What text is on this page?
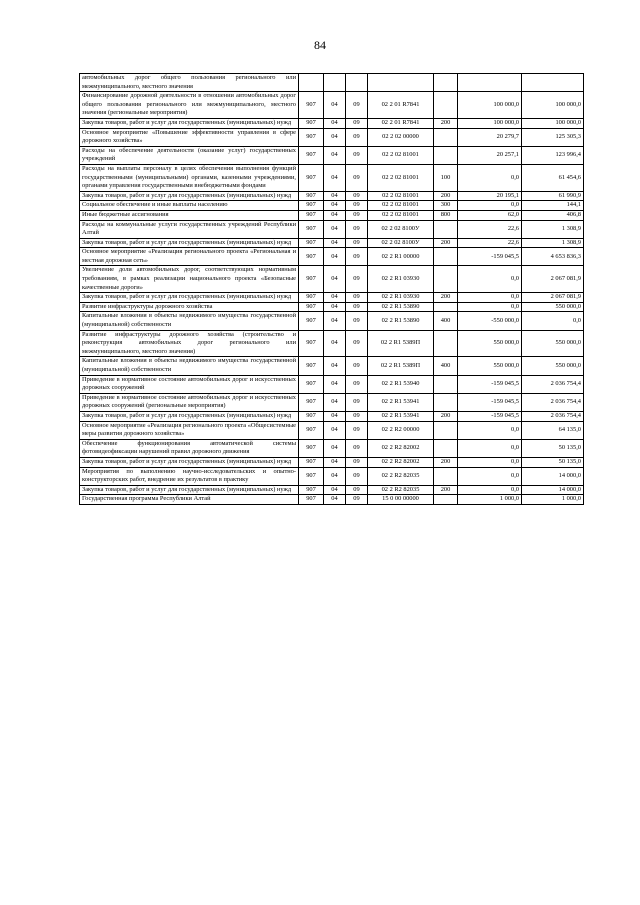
84
автомобильных дорог общего пользования регионального или межмуниципального, местного значения							
Финансирование дорожной деятельности в отношении автомобильных дорог общего пользования регионального или межмуниципального, местного значения (региональные мероприятия)	907	04	09	02 2 01 R7841		100 000,0	100 000,0
Закупка товаров, работ и услуг для государственных (муниципальных) нужд	907	04	09	02 2 01 R7841	200	100 000,0	100 000,0
Основное мероприятие «Повышение эффективности управления в сфере дорожного хозяйства»	907	04	09	02 2 02 00000		20 279,7	125 305,3
Расходы на обеспечение деятельности (оказание услуг) государственных учреждений	907	04	09	02 2 02 81001		20 257,1	123 996,4
Расходы на выплаты персоналу в целях обеспечения выполнения функций государственными (муниципальными) органами, казенными учреждениями, органами управления государственными внебюджетными фондами	907	04	09	02 2 02 81001	100	0,0	61 454,6
Закупка товаров, работ и услуг для государственных (муниципальных) нужд	907	04	09	02 2 02 81001	200	20 195,1	61 990,9
Социальное обеспечение и иные выплаты населению	907	04	09	02 2 02 81001	300	0,0	144,1
Иные бюджетные ассигнования	907	04	09	02 2 02 81001	800	62,0	406,8
Расходы на коммунальные услуги государственных учреждений Республики Алтай	907	04	09	02 2 02 8100У		22,6	1 308,9
Закупка товаров, работ и услуг для государственных (муниципальных) нужд	907	04	09	02 2 02 8100У	200	22,6	1 308,9
Основное мероприятие «Реализация регионального проекта «Региональная и местная дорожная сеть»	907	04	09	02 2 R1 00000		-159 045,5	4 653 836,3
Увеличение доли автомобильных дорог, соответствующих нормативным требованиям, в рамках реализации национального проекта «Безопасные качественные дороги»	907	04	09	02 2 R1 03930		0,0	2 067 081,9
Закупка товаров, работ и услуг для государственных (муниципальных) нужд	907	04	09	02 2 R1 03930	200	0,0	2 067 081,9
Развитие инфраструктуры дорожного хозяйства	907	04	09	02 2 R1 53890		0,0	550 000,0
Капитальные вложения в объекты недвижимого имущества государственной (муниципальной) собственности	907	04	09	02 2 R1 53890	400	-550 000,0	0,0
Развитие инфраструктуры дорожного хозяйства (строительство и реконструкция автомобильных дорог регионального или межмуниципального, местного значения)	907	04	09	02 2 R1 5389П		550 000,0	550 000,0
Капитальные вложения в объекты недвижимого имущества государственной (муниципальной) собственности	907	04	09	02 2 R1 5389П	400	550 000,0	550 000,0
Приведение в нормативное состояние автомобильных дорог и искусственных дорожных сооружений	907	04	09	02 2 R1 53940		-159 045,5	2 036 754,4
Приведение в нормативное состояние автомобильных дорог и искусственных дорожных сооружений (региональные мероприятия)	907	04	09	02 2 R1 53941		-159 045,5	2 036 754,4
Закупка товаров, работ и услуг для государственных (муниципальных) нужд	907	04	09	02 2 R1 53941	200	-159 045,5	2 036 754,4
Основное мероприятие «Реализация регионального проекта «Общесистемные меры развития дорожного хозяйства»	907	04	09	02 2 R2 00000		0,0	64 135,0
Обеспечение функционирования автоматической системы фотовидеофиксации нарушений правил дорожного движения	907	04	09	02 2 R2 82002		0,0	50 135,0
Закупка товаров, работ и услуг для государственных (муниципальных) нужд	907	04	09	02 2 R2 82002	200	0,0	50 135,0
Мероприятия по выполнению научно-исследовательских и опытно-конструкторских работ, внедрение их результатов в практику	907	04	09	02 2 R2 82035		0,0	14 000,0
Закупка товаров, работ и услуг для государственных (муниципальных) нужд	907	04	09	02 2 R2 82035	200	0,0	14 000,0
Государственная программа Республики Алтай	907	04	09	15 0 00 00000		1 000,0	1 000,0
